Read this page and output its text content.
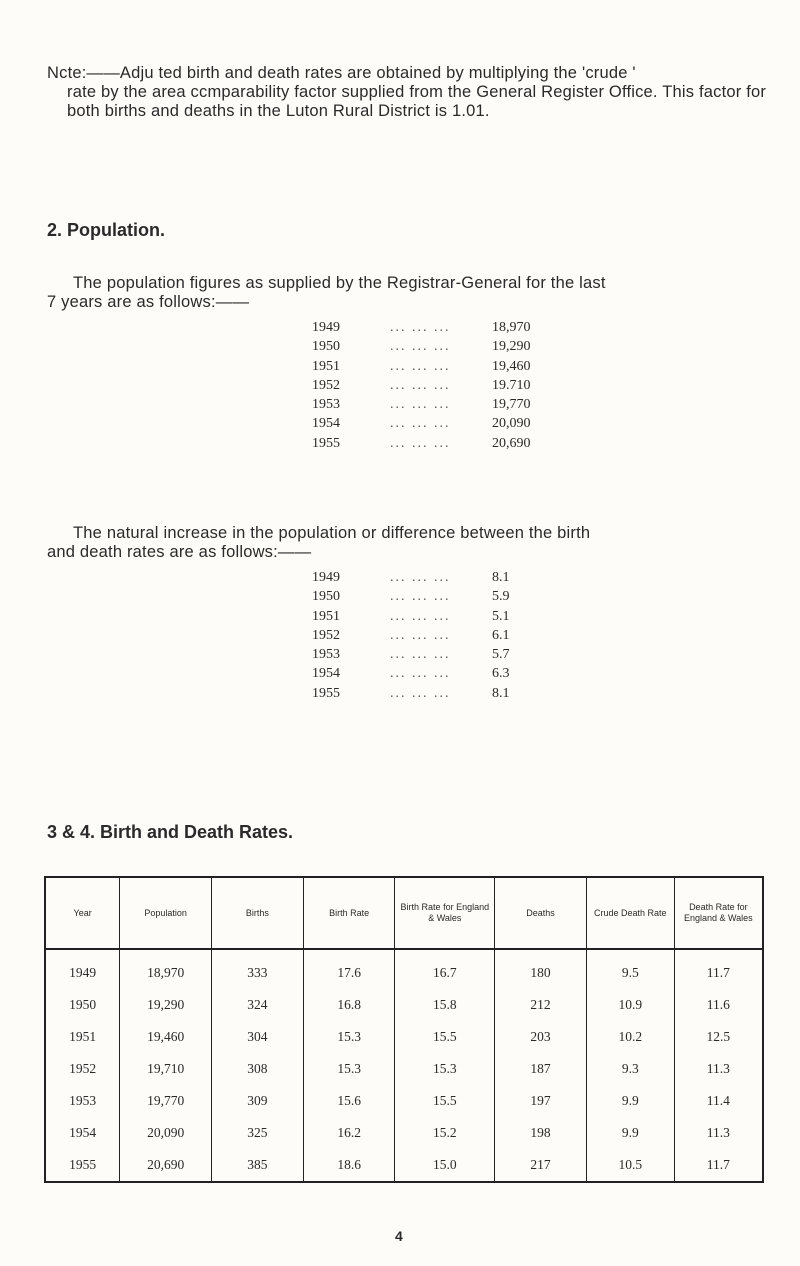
Ncte:——Adju ted birth and death rates are obtained by multiplying the 'crude '
rate by the area ccmparability factor supplied from the General Register Office. This factor for both births and deaths in the Luton Rural District is 1.01.
2. Population.
The population figures as supplied by the Registrar-General for the last
7 years are as follows:——
1949	... ... ...	18,970
1950	... ... ...	19,290
1951	... ... ...	19,460
1952	... ... ...	19.710
1953	... ... ...	19,770
1954	... ... ...	20,090
1955	... ... ...	20,690
The natural increase in the population or difference between the birth
and death rates are as follows:——
1949	... ... ...	8.1
1950	... ... ...	5.9
1951	... ... ...	5.1
1952	... ... ...	6.1
1953	... ... ...	5.7
1954	... ... ...	6.3
1955	... ... ...	8.1
3 & 4. Birth and Death Rates.
Year	Population	Births	Birth Rate	Birth Rate for England & Wales	Deaths	Crude Death Rate	Death Rate for England & Wales
1949	18,970	333	17.6	16.7	180	9.5	11.7
1950	19,290	324	16.8	15.8	212	10.9	11.6
1951	19,460	304	15.3	15.5	203	10.2	12.5
1952	19,710	308	15.3	15.3	187	9.3	11.3
1953	19,770	309	15.6	15.5	197	9.9	11.4
1954	20,090	325	16.2	15.2	198	9.9	11.3
1955	20,690	385	18.6	15.0	217	10.5	11.7
4
